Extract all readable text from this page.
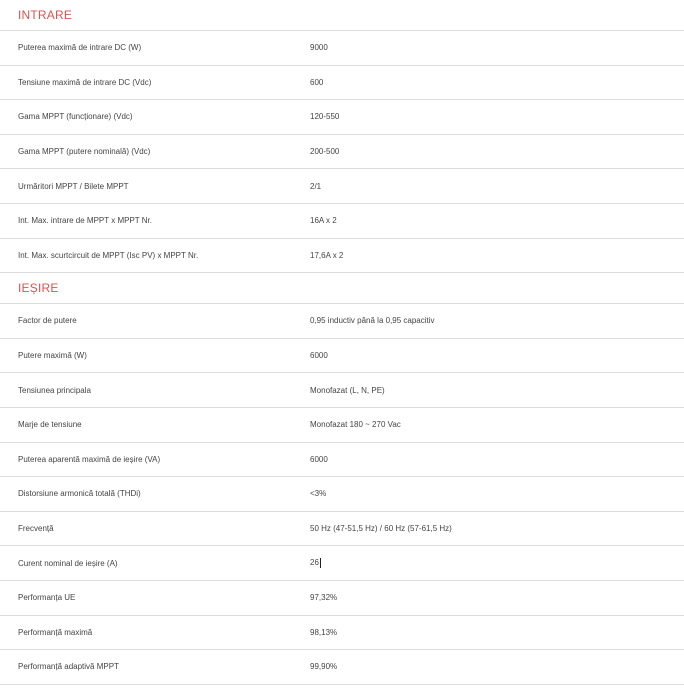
INTRARE
Puterea maximă de intrare DC (W)	9000
Tensiune maximă de intrare DC (Vdc)	600
Gama MPPT (funcționare) (Vdc)	120-550
Gama MPPT (putere nominală) (Vdc)	200-500
Urmăritori MPPT / Bilete MPPT	2/1
Int. Max. intrare de MPPT x MPPT Nr.	16A x 2
Int. Max. scurtcircuit de MPPT (Isc PV) x MPPT Nr.	17,6A x 2
IEȘIRE
Factor de putere	0,95 inductiv până la 0,95 capacitiv
Putere maximă (W)	6000
Tensiunea principala	Monofazat (L, N, PE)
Marje de tensiune	Monofazat 180 ~ 270 Vac
Puterea aparentă maximă de ieșire (VA)	6000
Distorsiune armonică totală (THDi)	<3%
Frecvență	50 Hz (47-51,5 Hz) / 60 Hz (57-61,5 Hz)
Curent nominal de ieșire (A)	26
Performanța UE	97,32%
Performanță maximă	98,13%
Performanță adaptivă MPPT	99,90%
